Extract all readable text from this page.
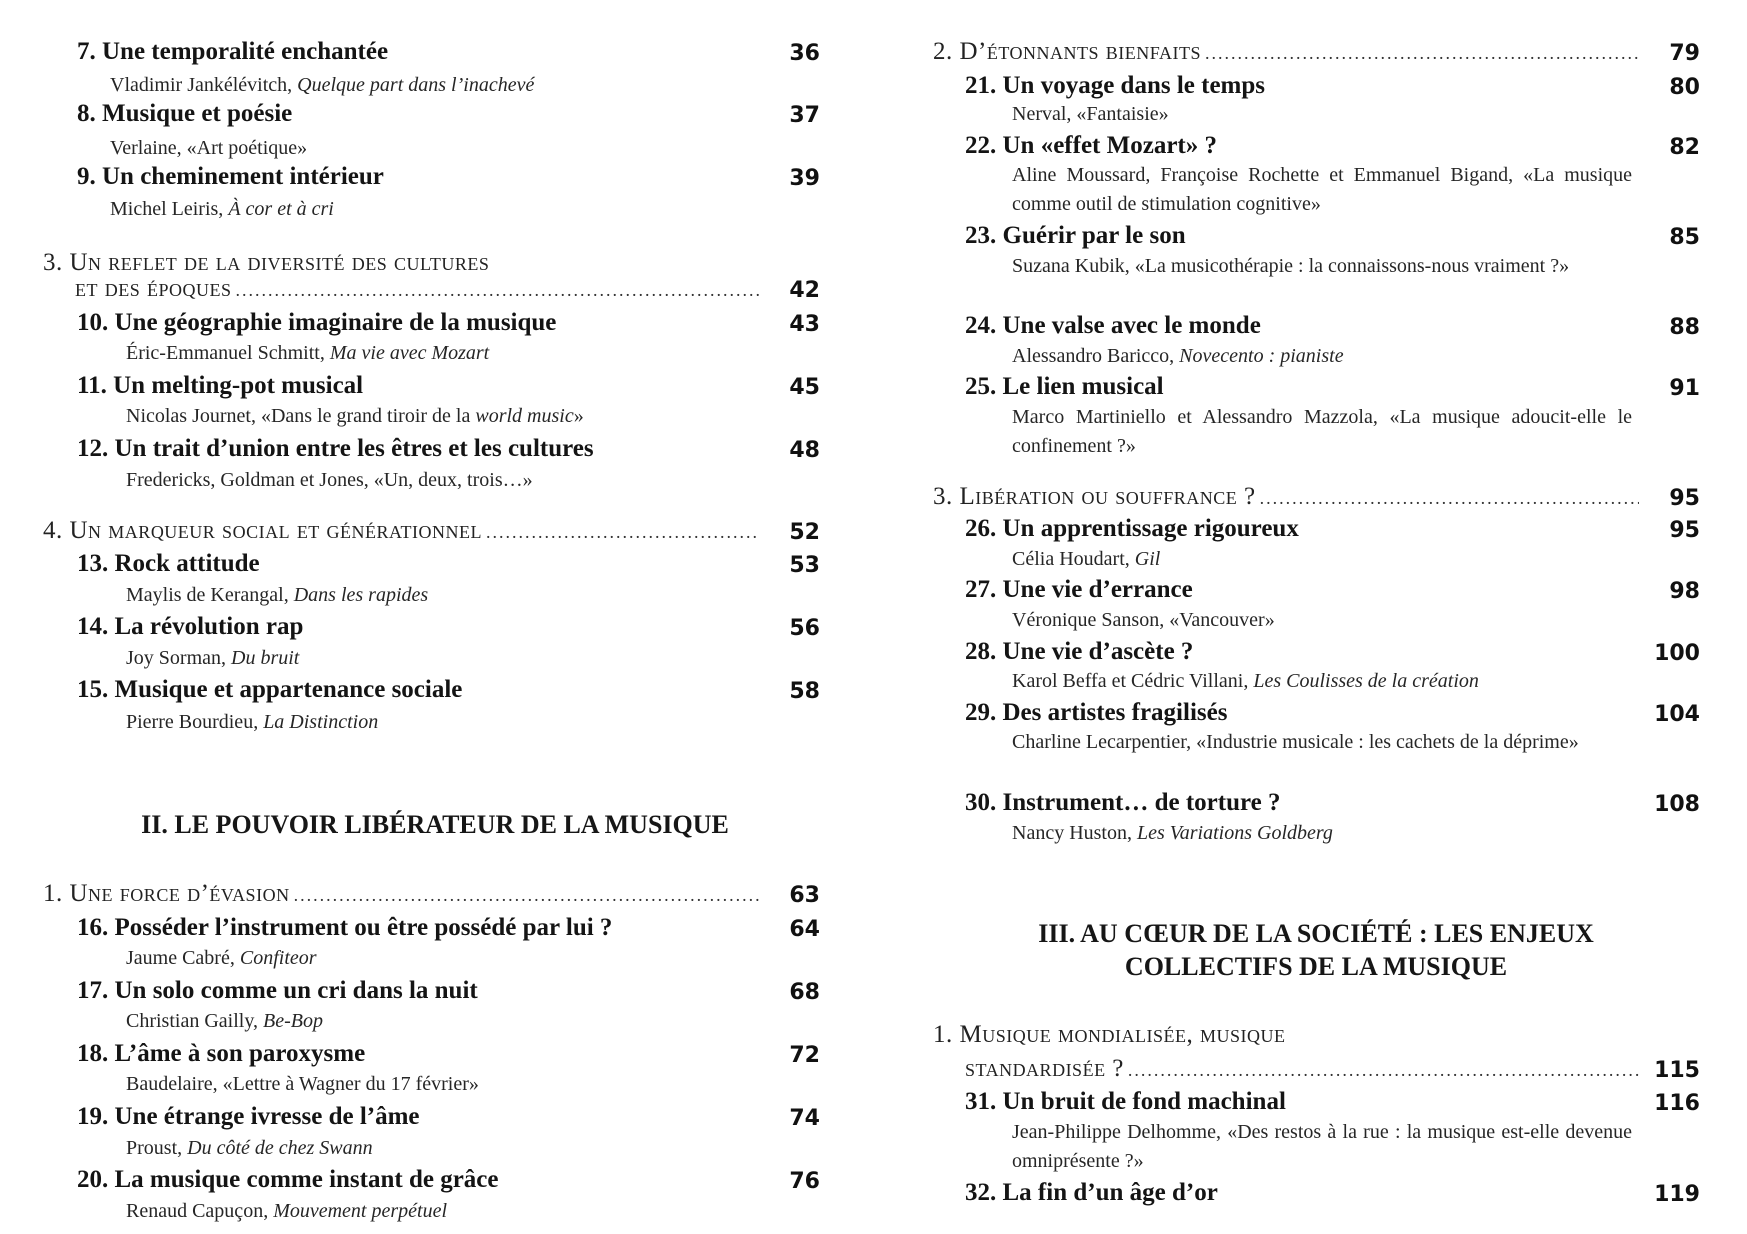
7. Une temporalité enchantée	36
Vladimir Jankélévitch, Quelque part dans l’inachevé
8. Musique et poésie	37
Verlaine, «Art poétique»
9. Un cheminement intérieur	39
Michel Leiris, À cor et à cri
3. Un reflet de la diversité des cultures
et des époques .....	42
10. Une géographie imaginaire de la musique	43
Éric-Emmanuel Schmitt, Ma vie avec Mozart
11. Un melting-pot musical	45
Nicolas Journet, «Dans le grand tiroir de la world music»
12. Un trait d’union entre les êtres et les cultures	48
Fredericks, Goldman et Jones, «Un, deux, trois…»
4. Un marqueur social et générationnel .....	52
13. Rock attitude	53
Maylis de Kerangal, Dans les rapides
14. La révolution rap	56
Joy Sorman, Du bruit
15. Musique et appartenance sociale	58
Pierre Bourdieu, La Distinction
II. LE POUVOIR LIBÉRATEUR DE LA MUSIQUE
1. Une force d’évasion .....	63
16. Posséder l’instrument ou être possédé par lui ?	64
Jaume Cabré, Confiteor
17. Un solo comme un cri dans la nuit	68
Christian Gailly, Be-Bop
18. L’âme à son paroxysme	72
Baudelaire, «Lettre à Wagner du 17 février»
19. Une étrange ivresse de l’âme	74
Proust, Du côté de chez Swann
20. La musique comme instant de grâce	76
Renaud Capuçon, Mouvement perpétuel
2. D’étonnants bienfaits .....	79
21. Un voyage dans le temps	80
Nerval, «Fantaisie»
22. Un «effet Mozart» ?	82
Aline Moussard, Françoise Rochette et Emmanuel Bigand, «La musique comme outil de stimulation cognitive»
23. Guérir par le son	85
Suzana Kubik, «La musicothérapie : la connaissons-nous vraiment ?»
24. Une valse avec le monde	88
Alessandro Baricco, Novecento : pianiste
25. Le lien musical	91
Marco Martiniello et Alessandro Mazzola, «La musique adoucit-elle le confinement ?»
3. Libération ou souffrance ? .....	95
26. Un apprentissage rigoureux	95
Célia Houdart, Gil
27. Une vie d’errance	98
Véronique Sanson, «Vancouver»
28. Une vie d’ascète ?	100
Karol Beffa et Cédric Villani, Les Coulisses de la création
29. Des artistes fragilisés	104
Charline Lecarpentier, «Industrie musicale : les cachets de la déprime»
30. Instrument… de torture ?	108
Nancy Huston, Les Variations Goldberg
III. AU CŒUR DE LA SOCIÉTÉ : LES ENJEUX
COLLECTIFS DE LA MUSIQUE
1. Musique mondialisée, musique
standardisée ? .....	115
31. Un bruit de fond machinal	116
Jean-Philippe Delhomme, «Des restos à la rue : la musique est-elle devenue omniprésente ?»
32. La fin d’un âge d’or	119
